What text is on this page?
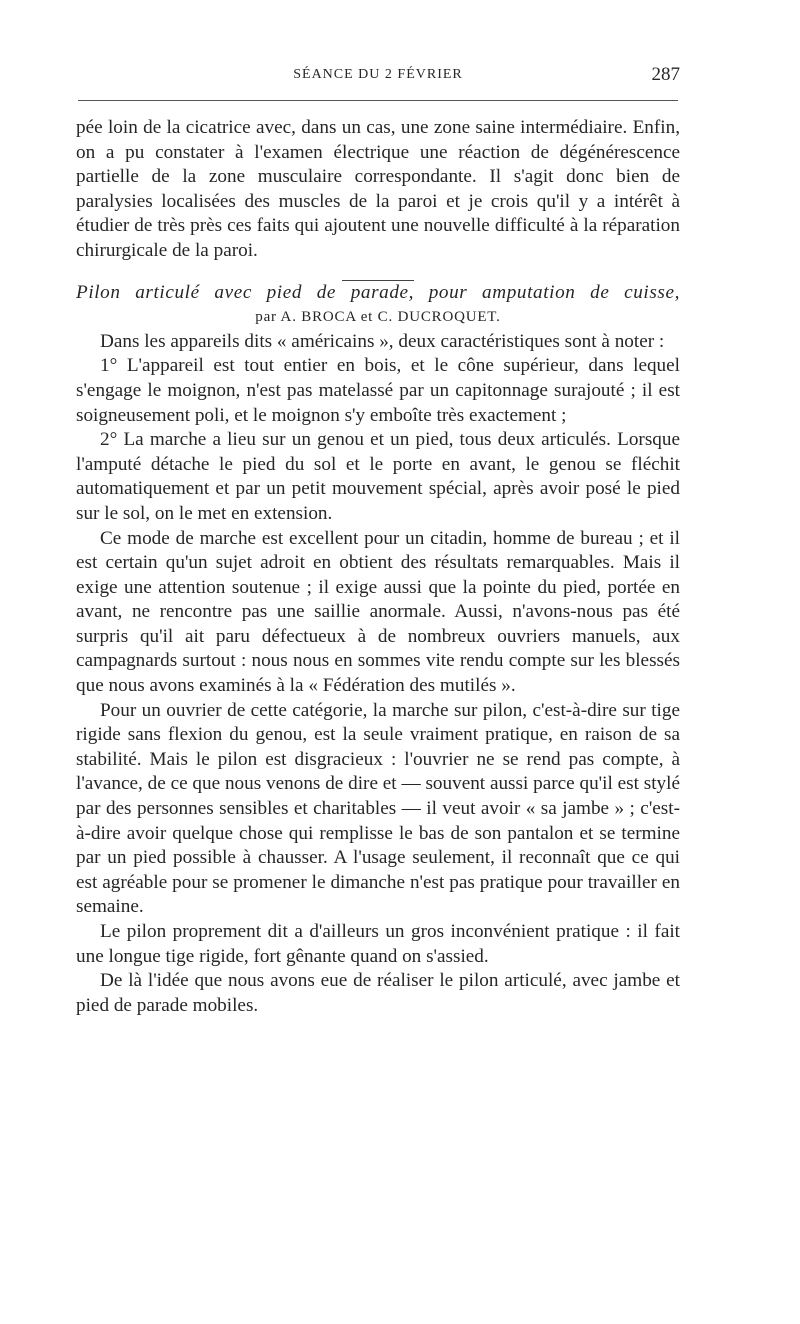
SÉANCE DU 2 FÉVRIER	287

pée loin de la cicatrice avec, dans un cas, une zone saine intermédiaire. Enfin, on a pu constater à l'examen électrique une réaction de dégénérescence partielle de la zone musculaire correspondante. Il s'agit donc bien de paralysies localisées des muscles de la paroi et je crois qu'il y a intérêt à étudier de très près ces faits qui ajoutent une nouvelle difficulté à la réparation chirurgicale de la paroi.

Pilon articulé avec pied de parade, pour amputation de cuisse,

par A. BROCA et C. DUCROQUET.

Dans les appareils dits « américains », deux caractéristiques sont à noter :

1° L'appareil est tout entier en bois, et le cône supérieur, dans lequel s'engage le moignon, n'est pas matelassé par un capitonnage surajouté ; il est soigneusement poli, et le moignon s'y emboîte très exactement ;

2° La marche a lieu sur un genou et un pied, tous deux articulés. Lorsque l'amputé détache le pied du sol et le porte en avant, le genou se fléchit automatiquement et par un petit mouvement spécial, après avoir posé le pied sur le sol, on le met en extension.

Ce mode de marche est excellent pour un citadin, homme de bureau ; et il est certain qu'un sujet adroit en obtient des résultats remarquables. Mais il exige une attention soutenue ; il exige aussi que la pointe du pied, portée en avant, ne rencontre pas une saillie anormale. Aussi, n'avons-nous pas été surpris qu'il ait paru défectueux à de nombreux ouvriers manuels, aux campagnards surtout : nous nous en sommes vite rendu compte sur les blessés que nous avons examinés à la « Fédération des mutilés ».

Pour un ouvrier de cette catégorie, la marche sur pilon, c'est-à-dire sur tige rigide sans flexion du genou, est la seule vraiment pratique, en raison de sa stabilité. Mais le pilon est disgracieux : l'ouvrier ne se rend pas compte, à l'avance, de ce que nous venons de dire et — souvent aussi parce qu'il est stylé par des personnes sensibles et charitables — il veut avoir « sa jambe » ; c'est-à-dire avoir quelque chose qui remplisse le bas de son pantalon et se termine par un pied possible à chausser. A l'usage seulement, il reconnaît que ce qui est agréable pour se promener le dimanche n'est pas pratique pour travailler en semaine.

Le pilon proprement dit a d'ailleurs un gros inconvénient pratique : il fait une longue tige rigide, fort gênante quand on s'assied.

De là l'idée que nous avons eue de réaliser le pilon articulé, avec jambe et pied de parade mobiles.
